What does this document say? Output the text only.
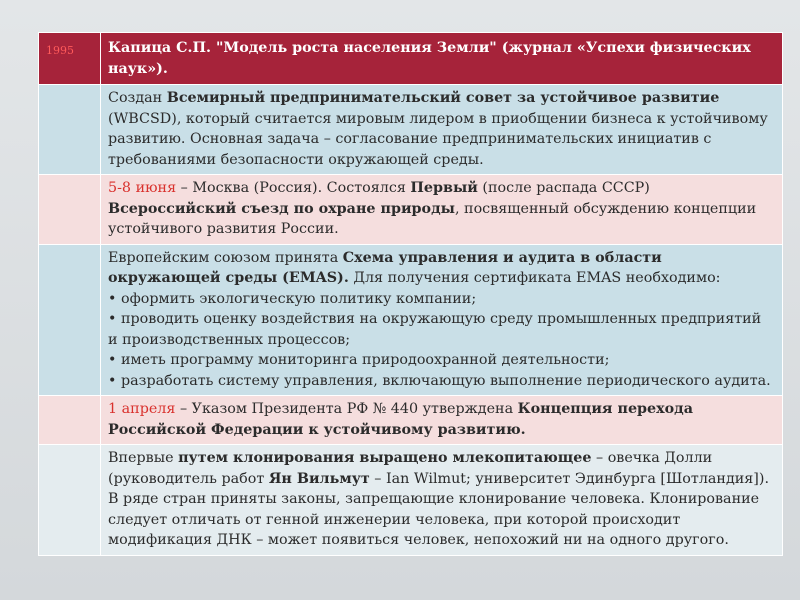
1995	Капица С.П. "Модель роста населения Земли" (журнал «Успехи физических наук»).
	Создан Всемирный предпринимательский совет за устойчивое развитие (WBCSD), который считается мировым лидером в приобщении бизнеса к устойчивому развитию. Основная задача – согласование предпринимательских инициатив с требованиями безопасности окружающей среды.
	5-8 июня – Москва (Россия). Состоялся Первый (после распада СССР) Всероссийский съезд по охране природы, посвященный обсуждению концепции устойчивого развития России.
	Европейским союзом принята Схема управления и аудита в области окружающей среды (EMAS). Для получения сертификата EMAS необходимо:
• оформить экологическую политику компании;
• проводить оценку воздействия на окружающую среду промышленных предприятий и производственных процессов;
• иметь программу мониторинга природоохранной деятельности;
• разработать систему управления, включающую выполнение периодического аудита.

	1 апреля – Указом Президента РФ № 440 утверждена Концепция перехода Российской Федерации к устойчивому развитию.
	Впервые путем клонирования выращено млекопитающее – овечка Долли (руководитель работ Ян Вильмут – Ian Wilmut; университет Эдинбурга [Шотландия]). В ряде стран приняты законы, запрещающие клонирование человека. Клонирование следует отличать от генной инженерии человека, при которой происходит модификация ДНК – может появиться человек, непохожий ни на одного другого.
